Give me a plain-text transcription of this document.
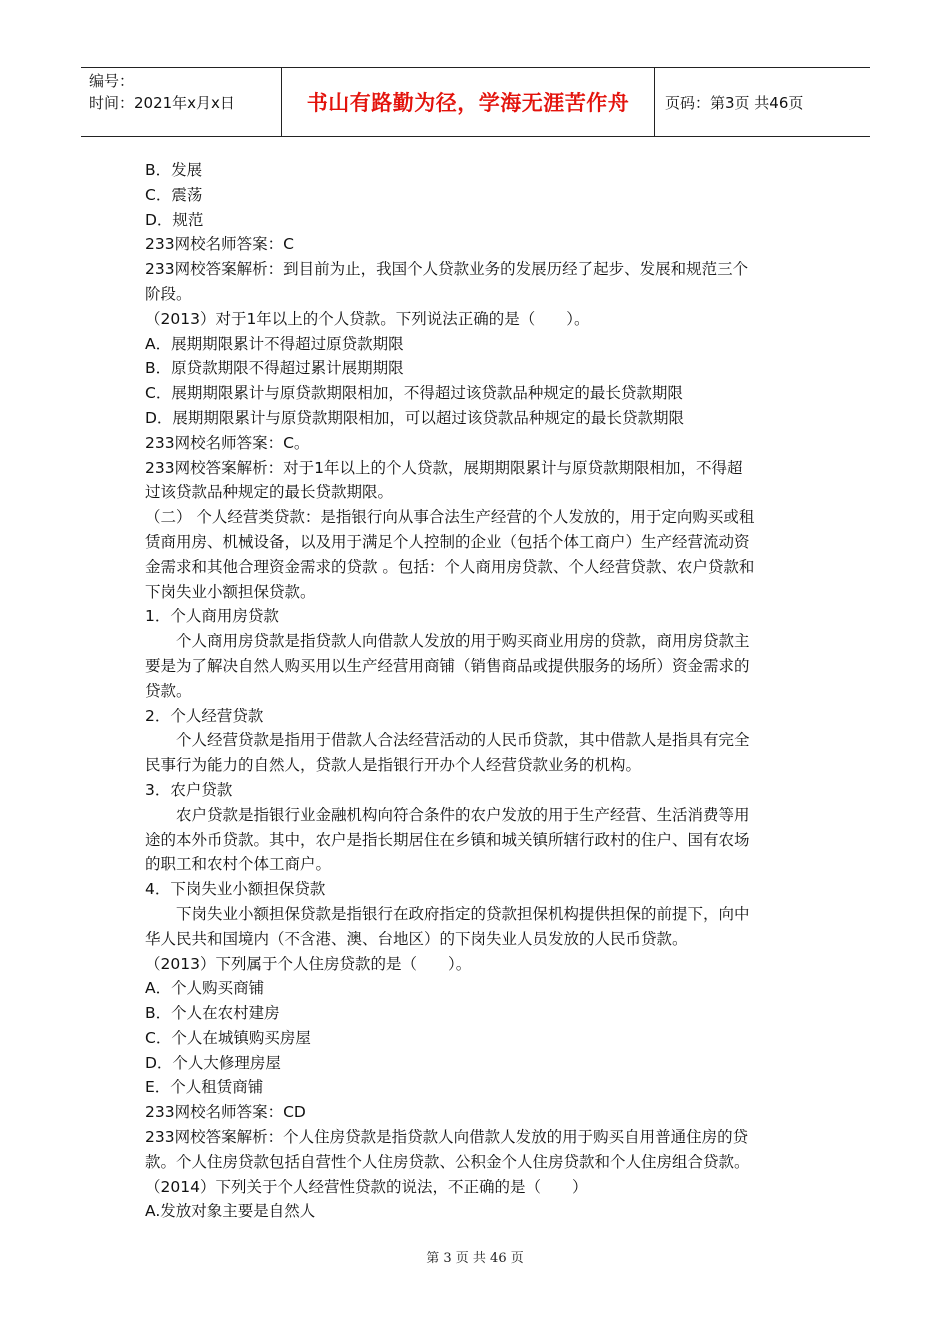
编号：
时间：2021年x月x日	书山有路勤为径，学海无涯苦作舟 页码：第3页 共46页
B．发展
C．震荡
D．规范
233网校名师答案：C
233网校答案解析：到目前为止，我国个人贷款业务的发展历经了起步、发展和规范三个
阶段。
（2013）对于1年以上的个人贷款。下列说法正确的是（　　）。
A．展期期限累计不得超过原贷款期限
B．原贷款期限不得超过累计展期期限
C．展期期限累计与原贷款期限相加，不得超过该贷款品种规定的最长贷款期限
D．展期期限累计与原贷款期限相加，可以超过该贷款品种规定的最长贷款期限
233网校名师答案：C。
233网校答案解析：对于1年以上的个人贷款，展期期限累计与原贷款期限相加，不得超
过该贷款品种规定的最长贷款期限。
（二） 个人经营类贷款：是指银行向从事合法生产经营的个人发放的，用于定向购买或租
赁商用房、机械设备，以及用于满足个人控制的企业（包括个体工商户）生产经营流动资
金需求和其他合理资金需求的贷款 。包括：个人商用房贷款、个人经营贷款、农户贷款和
下岗失业小额担保贷款。
1．个人商用房贷款
　　个人商用房贷款是指贷款人向借款人发放的用于购买商业用房的贷款，商用房贷款主
要是为了解决自然人购买用以生产经营用商铺（销售商品或提供服务的场所）资金需求的
贷款。
2．个人经营贷款
　　个人经营贷款是指用于借款人合法经营活动的人民币贷款，其中借款人是指具有完全
民事行为能力的自然人，贷款人是指银行开办个人经营贷款业务的机构。
3．农户贷款
　　农户贷款是指银行业金融机构向符合条件的农户发放的用于生产经营、生活消费等用
途的本外币贷款。其中，农户是指长期居住在乡镇和城关镇所辖行政村的住户、国有农场
的职工和农村个体工商户。
4．下岗失业小额担保贷款
　　下岗失业小额担保贷款是指银行在政府指定的贷款担保机构提供担保的前提下，向中
华人民共和国境内（不含港、澳、台地区）的下岗失业人员发放的人民币贷款。
（2013）下列属于个人住房贷款的是（　　）。
A．个人购买商铺
B．个人在农村建房
C．个人在城镇购买房屋
D．个人大修理房屋
E．个人租赁商铺
233网校名师答案：CD
233网校答案解析：个人住房贷款是指贷款人向借款人发放的用于购买自用普通住房的贷
款。个人住房贷款包括自营性个人住房贷款、公积金个人住房贷款和个人住房组合贷款。
（2014）下列关于个人经营性贷款的说法，不正确的是（　　）
A.发放对象主要是自然人
第 3 页 共 46 页
